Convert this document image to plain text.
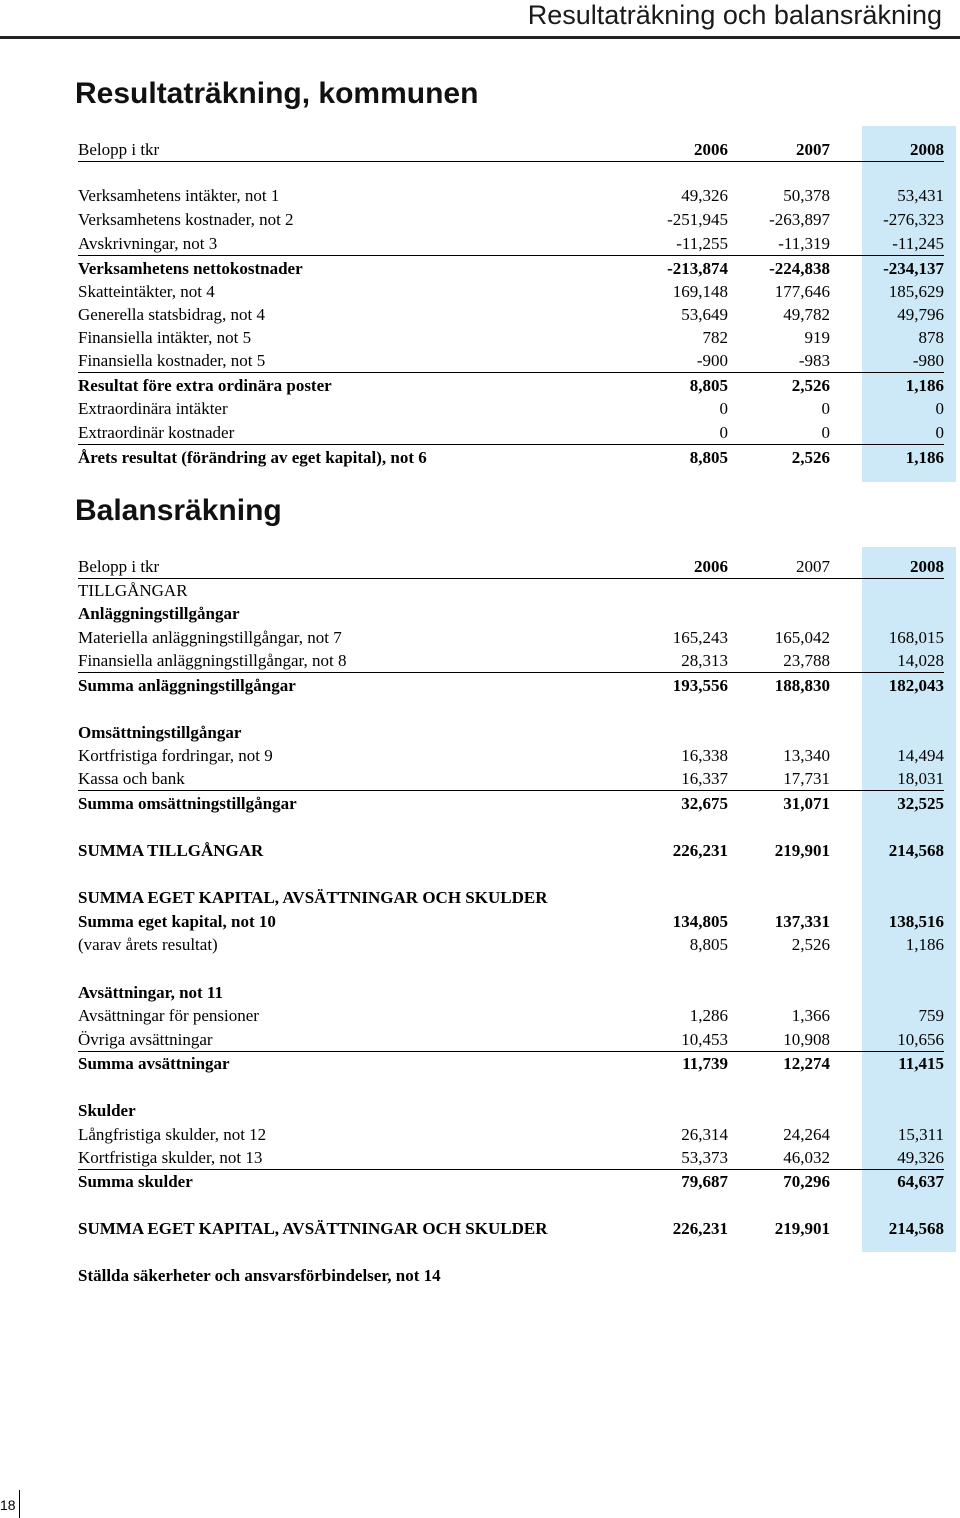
Resultaträkning och balansräkning
Resultaträkning, kommunen
Belopp i tkr	2006	2007	2008
Verksamhetens intäkter, not 1	49,326	50,378	53,431
Verksamhetens kostnader, not 2	-251,945	-263,897	-276,323
Avskrivningar, not 3	-11,255	-11,319	-11,245
Verksamhetens nettokostnader	-213,874	-224,838	-234,137
Skatteintäkter, not 4	169,148	177,646	185,629
Generella statsbidrag, not 4	53,649	49,782	49,796
Finansiella intäkter, not 5	782	919	878
Finansiella kostnader, not 5	-900	-983	-980
Resultat före extra ordinära poster	8,805	2,526	1,186
Extraordinära intäkter	0	0	0
Extraordinär kostnader	0	0	0
Årets resultat (förändring av eget kapital), not 6	8,805	2,526	1,186
Balansräkning
Belopp i tkr	2006	2007	2008
TILLGÅNGAR
Anläggningstillgångar
Materiella anläggningstillgångar, not 7	165,243	165,042	168,015
Finansiella anläggningstillgångar, not 8	28,313	23,788	14,028
Summa anläggningstillgångar	193,556	188,830	182,043
Omsättningstillgångar
Kortfristiga fordringar, not 9	16,338	13,340	14,494
Kassa och bank	16,337	17,731	18,031
Summa omsättningstillgångar	32,675	31,071	32,525
SUMMA TILLGÅNGAR	226,231	219,901	214,568
SUMMA EGET KAPITAL, AVSÄTTNINGAR OCH SKULDER
Summa eget kapital, not 10	134,805	137,331	138,516
(varav årets resultat)	8,805	2,526	1,186
Avsättningar, not 11
Avsättningar för pensioner	1,286	1,366	759
Övriga avsättningar	10,453	10,908	10,656
Summa avsättningar	11,739	12,274	11,415
Skulder
Långfristiga skulder, not 12	26,314	24,264	15,311
Kortfristiga skulder, not 13	53,373	46,032	49,326
Summa skulder	79,687	70,296	64,637
SUMMA EGET KAPITAL, AVSÄTTNINGAR OCH SKULDER	226,231	219,901	214,568
Ställda säkerheter och ansvarsförbindelser, not 14
18
